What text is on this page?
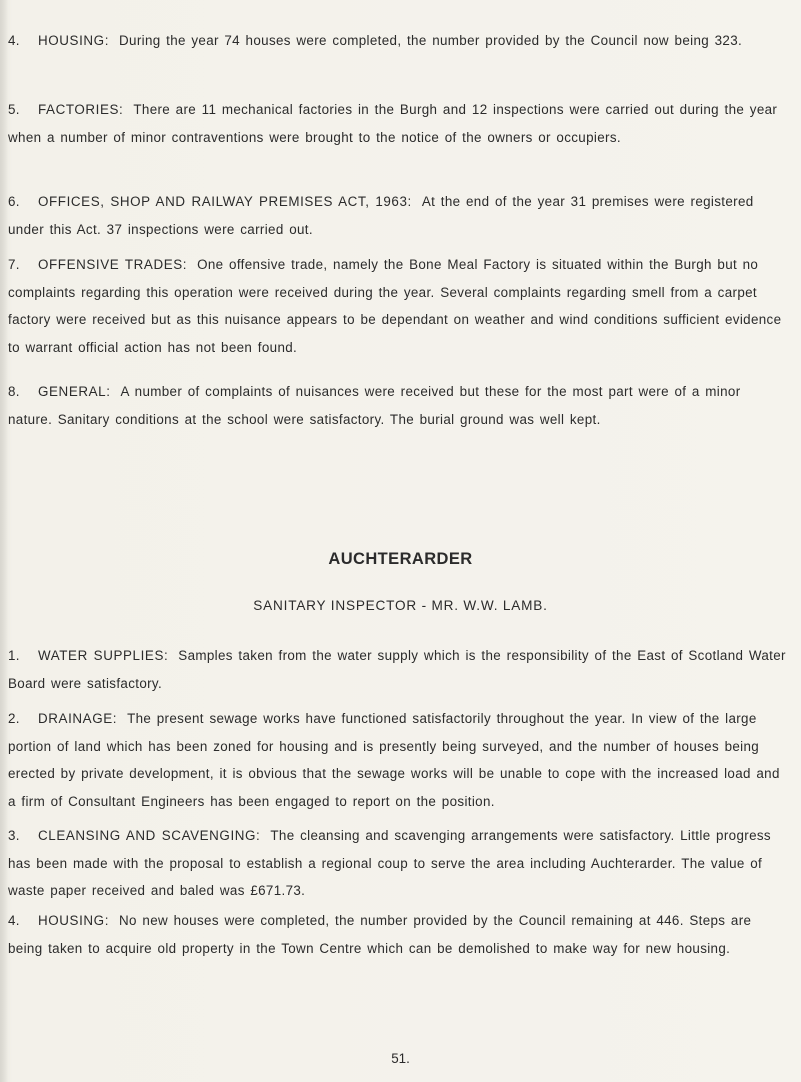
4. HOUSING: During the year 74 houses were completed, the number provided by the Council now being 323.

5. FACTORIES: There are 11 mechanical factories in the Burgh and 12 inspections were carried out during the year when a number of minor contraventions were brought to the notice of the owners or occupiers.

6. OFFICES, SHOP AND RAILWAY PREMISES ACT, 1963: At the end of the year 31 premises were registered under this Act. 37 inspections were carried out.

7. OFFENSIVE TRADES: One offensive trade, namely the Bone Meal Factory is situated within the Burgh but no complaints regarding this operation were received during the year. Several complaints regarding smell from a carpet factory were received but as this nuisance appears to be dependant on weather and wind conditions sufficient evidence to warrant official action has not been found.

8. GENERAL: A number of complaints of nuisances were received but these for the most part were of a minor nature. Sanitary conditions at the school were satisfactory. The burial ground was well kept.

AUCHTERARDER

SANITARY INSPECTOR - MR. W.W. LAMB.

1. WATER SUPPLIES: Samples taken from the water supply which is the responsibility of the East of Scotland Water Board were satisfactory.

2. DRAINAGE: The present sewage works have functioned satisfactorily throughout the year. In view of the large portion of land which has been zoned for housing and is presently being surveyed, and the number of houses being erected by private development, it is obvious that the sewage works will be unable to cope with the increased load and a firm of Consultant Engineers has been engaged to report on the position.

3. CLEANSING AND SCAVENGING: The cleansing and scavenging arrangements were satisfactory. Little progress has been made with the proposal to establish a regional coup to serve the area including Auchterarder. The value of waste paper received and baled was £671.73.

4. HOUSING: No new houses were completed, the number provided by the Council remaining at 446. Steps are being taken to acquire old property in the Town Centre which can be demolished to make way for new housing.

51.
